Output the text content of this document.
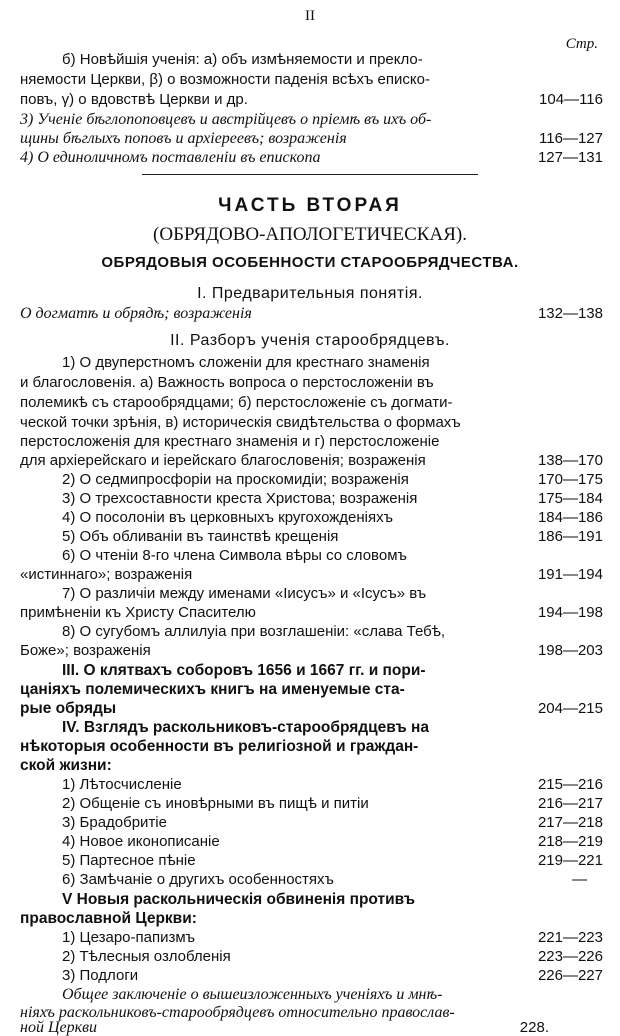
II
Стр.
б) Новѣйшія ученія: а) объ измѣняемости и прекло-
няемости Церкви, β) о возможности паденія всѣхъ еписко-
повъ, γ) о вдовствѣ Церкви и др.	104—116
3) Ученіе бѣглопоповцевъ и австрійцевъ о пріемѣ въ ихъ об-
щины бѣглыхъ поповъ и архіереевъ; возраженія	116—127
4) О единоличномъ поставленіи въ епископа	127—131
ЧАСТЬ ВТОРАЯ
(ОБРЯДОВО-АПОЛОГЕТИЧЕСКАЯ).
ОБРЯДОВЫЯ ОСОБЕННОСТИ СТАРООБРЯДЧЕСТВА.
I. Предварительныя понятія.
О догматѣ и обрядѣ; возраженія	132—138
II. Разборъ ученія старообрядцевъ.
1) О двуперстномъ сложеніи для крестнаго знаменія
и благословенія. а) Важность вопроса о перстосложеніи въ
полемикѣ съ старообрядцами; б) перстосложеніе съ догмати-
ческой точки зрѣнія, в) историческія свидѣтельства о формахъ
перстосложенія для крестнаго знаменія и г) перстосложеніе
для архіерейскаго и iерейскаго благословенія; возраженія	138—170
2) О седмипросфоріи на проскомидіи; возраженія	170—175
3) О трехсоставности креста Христова; возраженія	175—184
4) О посолоніи въ церковныхъ кругохожденіяхъ	184—186
5) Объ обливаніи въ таинствѣ крещенія	186—191
6) О чтеніи 8-го члена Символа вѣры со словомъ
«истиннаго»; возраженія	191—194
7) О различіи между именами «Іисусъ» и «Ісусъ» въ
примѣненіи къ Христу Спасителю	194—198
8) О сугубомъ аллилуіа при возглашеніи: «слава Тебѣ,
Боже»; возраженія	198—203
III. О клятвахъ соборовъ 1656 и 1667 гг. и пори-
цаніяхъ полемическихъ книгъ на именуемые ста-
рые обряды	204—215
IV. Взглядъ раскольниковъ-старообрядцевъ на
нѣкоторыя особенности въ религіозной и граждан-
ской жизни:
1) Лѣтосчисленіе	215—216
2) Общеніе съ иновѣрными въ пищѣ и питіи	216—217
3) Брадобритіе	217—218
4) Новое иконописаніе	218—219
5) Партесное пѣніе	219—221
6) Замѣчаніе о другихъ особенностяхъ	—
V Новыя раскольническія обвиненія противъ
православной Церкви:
1) Цезаро-папизмъ	221—223
2) Тѣлесныя озлобленія	223—226
3) Подлоги	226—227
Общее заключеніе о вышеизложенныхъ ученіяхъ и мнѣ-
ніяхъ раскольниковъ-старообрядцевъ относительно православ-
ной Церкви	228.
